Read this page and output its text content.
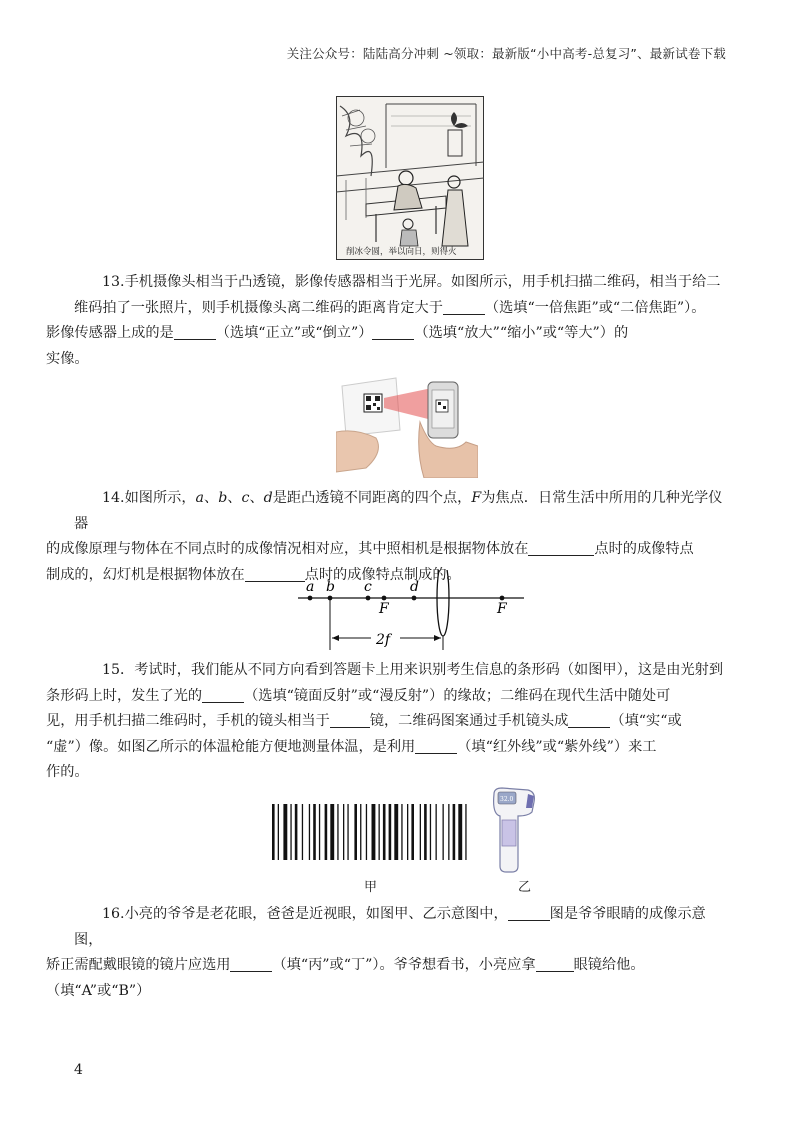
关注公众号：陆陆高分冲刺 ~领取：最新版“小中高考-总复习”、最新试卷下载
削冰令圆，举以向日，则得火

13.手机摄像头相当于凸透镜，影像传感器相当于光屏。如图所示，用手机扫描二维码，相当于给二
维码拍了一张照片，则手机摄像头离二维码的距离肯定大于	（选填“一倍焦距”或“二倍焦距”）。
影像传感器上成的是	（选填“正立”或“倒立”）	（选填“放大”“缩小”或“等大”）的
实像。

14.如图所示，a、b、c、d是距凸透镜不同距离的四个点，F为焦点．日常生活中所用的几种光学仪器
的成像原理与物体在不同点时的成像情况相对应，其中照相机是根据物体放在	点时的成像特点
制成的，幻灯机是根据物体放在	点时的成像特点制成的。

a b c	d
F	F
2f

15．考试时，我们能从不同方向看到答题卡上用来识别考生信息的条形码（如图甲），这是由光射到
条形码上时，发生了光的	（选填“镜面反射”或“漫反射”）的缘故；二维码在现代生活中随处可
见，用手机扫描二维码时，手机的镜头相当于	镜，二维码图案通过手机镜头成	（填“实“或
“虚”）像。如图乙所示的体温枪能方便地测量体温，是利用	（填“红外线”或“紫外线”）来工
作的。

甲
32.0
乙

16.小亮的爷爷是老花眼，爸爸是近视眼，如图甲、乙示意图中，	图是爷爷眼睛的成像示意图，
矫正需配戴眼镜的镜片应选用	（填“丙”或“丁”）。爷爷想看书，小亮应拿	眼镜给他。
（填“A”或“B”）

4
